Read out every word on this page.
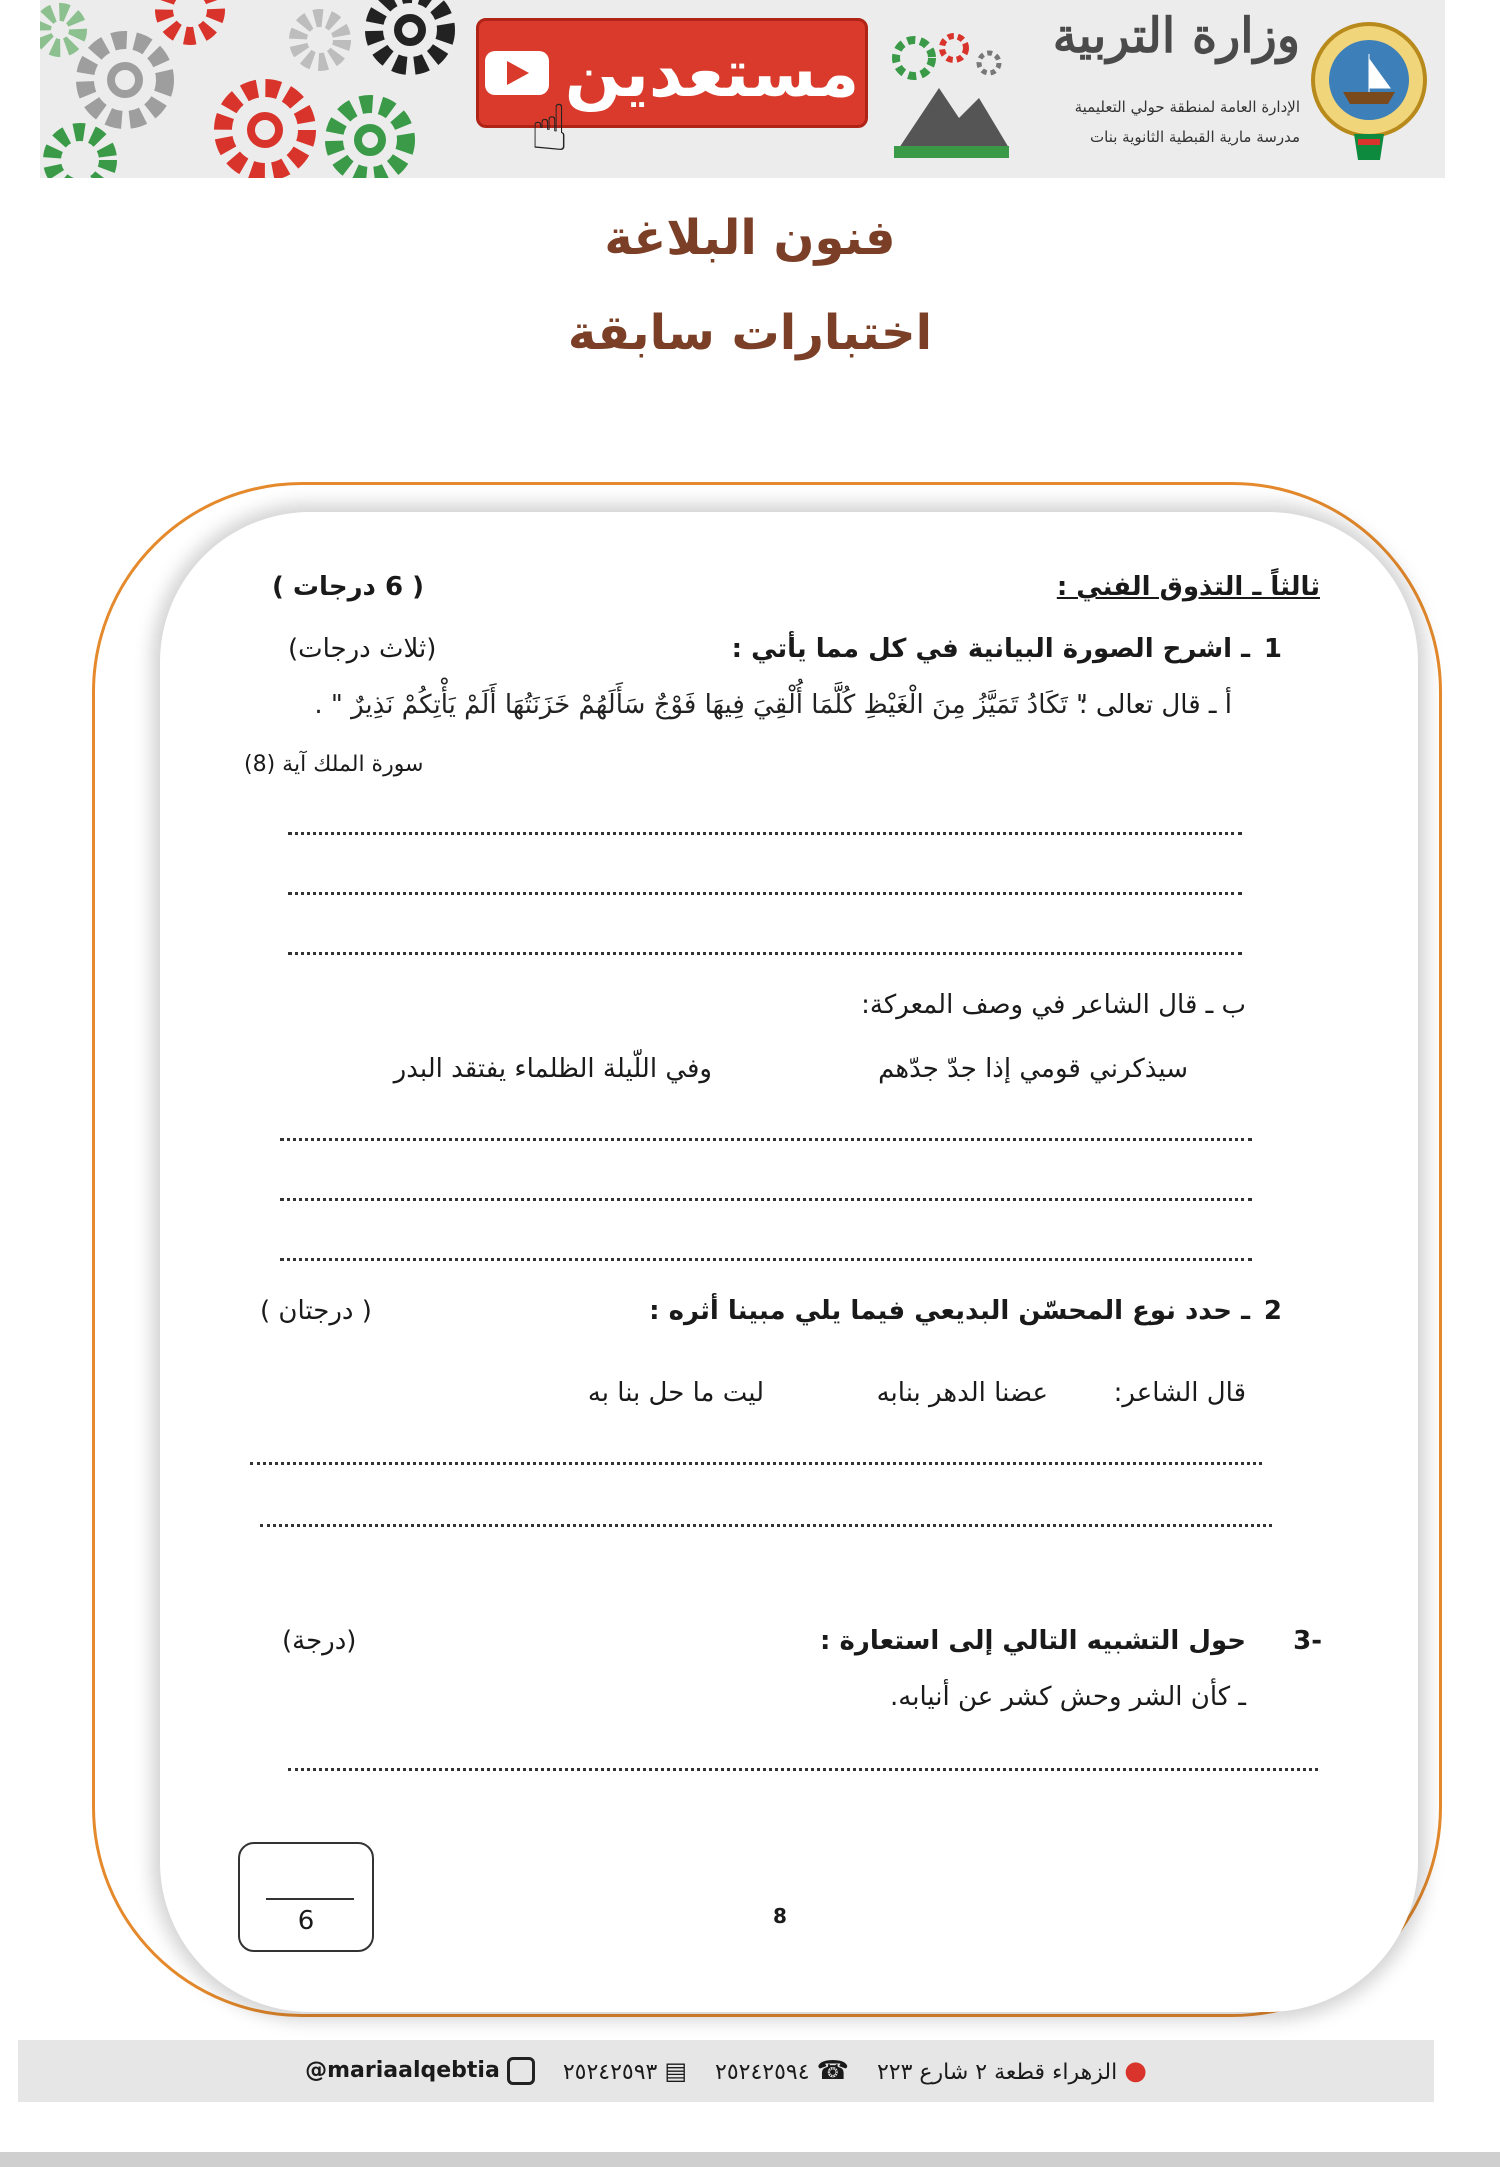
مستعدين
☝
وزارة التربية
الإدارة العامة لمنطقة حولي التعليمية
مدرسة مارية القبطية الثانوية بنات
فنون البلاغة
اختبارات سابقة
ثالثاً ـ التذوق الفني :
( 6 درجات )
1
ـ اشرح الصورة البيانية في كل مما يأتي :
(ثلاث درجات)
أ ـ قال تعالى :
" تَكَادُ تَمَيَّزُ مِنَ الْغَيْظِ كُلَّمَا أُلْقِيَ فِيهَا فَوْجٌ سَأَلَهُمْ خَزَنَتُهَا أَلَمْ يَأْتِكُمْ نَذِيرٌ " .
سورة الملك آية (8)
ب ـ قال الشاعر في وصف المعركة:
سيذكرني قومي إذا جدّ جدّهم
وفي اللّيلة الظلماء يفتقد البدر
2
ـ حدد نوع المحسّن البديعي فيما يلي مبينا أثره :
( درجتان )
قال الشاعر:
عضنا الدهر بنابه
ليت ما حل بنا به
-3
حول التشبيه التالي إلى استعارة :
(درجة)
ـ كأن الشر وحش كشر عن أنيابه.
6	8
● الزهراء قطعة ٢ شارع ٢٢٣
☎ ٢٥٢٤٢٥٩٤
▤ ٢٥٢٤٢٥٩٣
@mariaalqebtia
